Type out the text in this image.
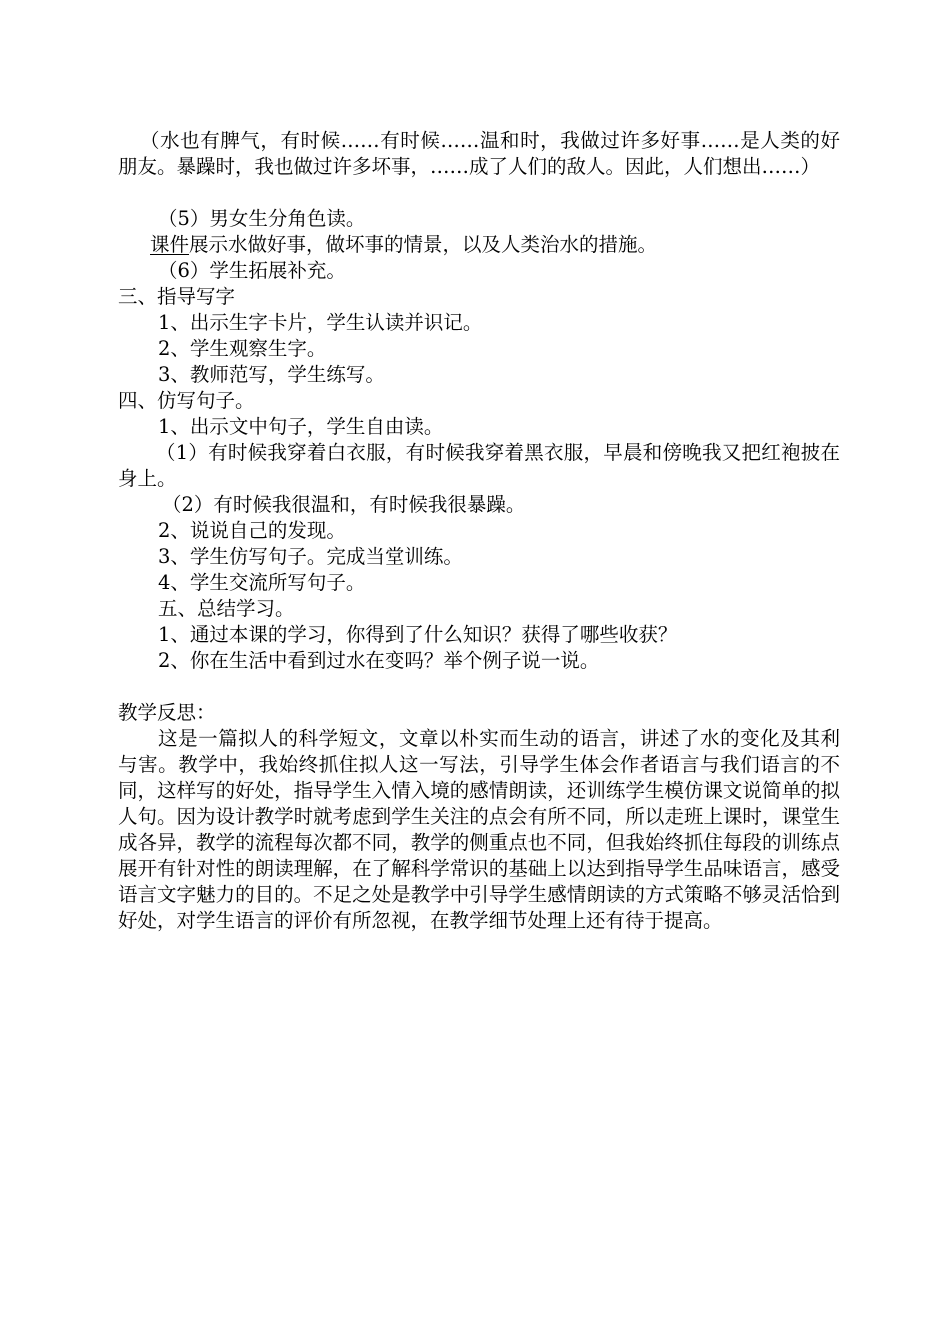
（水也有脾气，有时候……有时候……温和时，我做过许多好事……是人类的好朋友。暴躁时，我也做过许多坏事，……成了人们的敌人。因此，人们想出……）
（5）男女生分角色读。
课件展示水做好事，做坏事的情景，以及人类治水的措施。
（6）学生拓展补充。
三、指导写字
1、出示生字卡片，学生认读并识记。
2、学生观察生字。
3、教师范写，学生练写。
四、仿写句子。
1、出示文中句子，学生自由读。
（1）有时候我穿着白衣服，有时候我穿着黑衣服，早晨和傍晚我又把红袍披在身上。
（2）有时候我很温和，有时候我很暴躁。
2、说说自己的发现。
3、学生仿写句子。完成当堂训练。
4、学生交流所写句子。
五、总结学习。
1、通过本课的学习，你得到了什么知识？获得了哪些收获？
2、你在生活中看到过水在变吗？举个例子说一说。
教学反思：
这是一篇拟人的科学短文，文章以朴实而生动的语言，讲述了水的变化及其利与害。教学中，我始终抓住拟人这一写法，引导学生体会作者语言与我们语言的不同，这样写的好处，指导学生入情入境的感情朗读，还训练学生模仿课文说简单的拟人句。因为设计教学时就考虑到学生关注的点会有所不同，所以走班上课时，课堂生成各异，教学的流程每次都不同，教学的侧重点也不同，但我始终抓住每段的训练点展开有针对性的朗读理解，在了解科学常识的基础上以达到指导学生品味语言，感受语言文字魅力的目的。不足之处是教学中引导学生感情朗读的方式策略不够灵活恰到好处，对学生语言的评价有所忽视，在教学细节处理上还有待于提高。
